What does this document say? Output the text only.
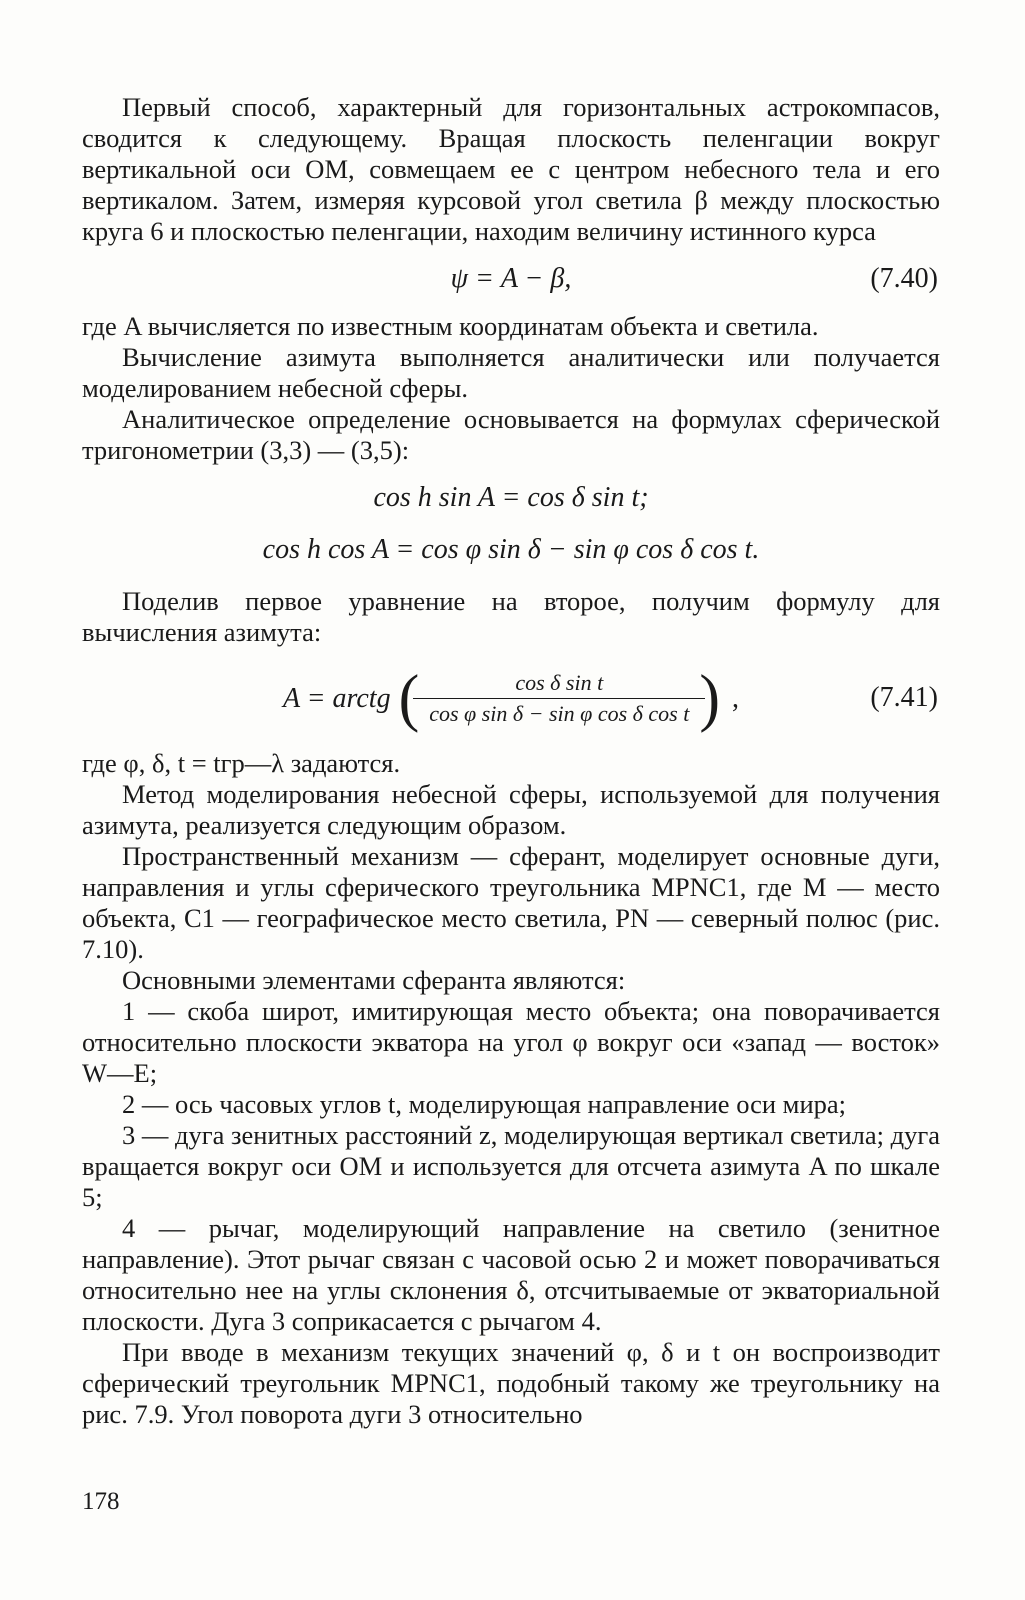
Первый способ, характерный для горизонтальных астрокомпасов, сводится к следующему. Вращая плоскость пеленгации вокруг вертикальной оси ОМ, совмещаем ее с центром небесного тела и его вертикалом. Затем, измеряя курсовой угол светила β между плоскостью круга 6 и плоскостью пеленгации, находим величину истинного курса

ψ = A − β,	(7.40)

где A вычисляется по известным координатам объекта и светила.

Вычисление азимута выполняется аналитически или получается моделированием небесной сферы.

Аналитическое определение основывается на формулах сферической тригонометрии (3,3) — (3,5):

cos h sin A = cos δ sin t;
cos h cos A = cos φ sin δ − sin φ cos δ cos t.

Поделив первое уравнение на второе, получим формулу для вычисления азимута:

A = arctg ( $\frac{\text{cos δ sin t}}{\text{cos φ sin δ − sin φ cos δ cos t}}$ ) ,	(7.41)

где φ, δ, t = tгр—λ задаются.

Метод моделирования небесной сферы, используемой для получения азимута, реализуется следующим образом.

Пространственный механизм — сферант, моделирует основные дуги, направления и углы сферического треугольника MPNC1, где M — место объекта, C1 — географическое место светила, PN — северный полюс (рис. 7.10).

Основными элементами сферанта являются:

1 — скоба широт, имитирующая место объекта; она поворачивается относительно плоскости экватора на угол φ вокруг оси «запад — восток» W—E;

2 — ось часовых углов t, моделирующая направление оси мира;

3 — дуга зенитных расстояний z, моделирующая вертикал светила; дуга вращается вокруг оси ОМ и используется для отсчета азимута A по шкале 5;

4 — рычаг, моделирующий направление на светило (зенитное направление). Этот рычаг связан с часовой осью 2 и может поворачиваться относительно нее на углы склонения δ, отсчитываемые от экваториальной плоскости. Дуга 3 соприкасается с рычагом 4.

При вводе в механизм текущих значений φ, δ и t он воспроизводит сферический треугольник MPNC1, подобный такому же треугольнику на рис. 7.9. Угол поворота дуги 3 относительно

178
